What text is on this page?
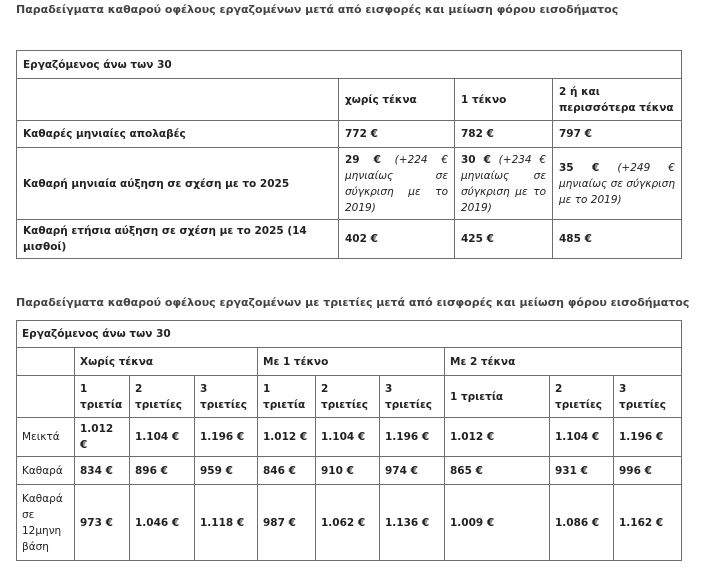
Παραδείγματα καθαρού οφέλους εργαζομένων μετά από εισφορές και μείωση φόρου εισοδήματος
Εργαζόμενος άνω των 30			
	χωρίς τέκνα	1 τέκνο	2 ή και περισσότερα τέκνα
Καθαρές μηνιαίες απολαβές	772 €	782 €	797 €
Καθαρή μηνιαία αύξηση σε σχέση με το 2025	29 € (+224 € μηνιαίως σε σύγκριση με το 2019)	30 € (+234 € μηνιαίως σε σύγκριση με το 2019)	35 € (+249 € μηνιαίως σε σύγκριση με το 2019)
Καθαρή ετήσια αύξηση σε σχέση με το 2025 (14 μισθοί)	402 €	425 €	485 €
Παραδείγματα καθαρού οφέλους εργαζομένων με τριετίες μετά από εισφορές και μείωση φόρου εισοδήματος
Εργαζόμενος άνω των 30									
	Χωρίς τέκνα			Με 1 τέκνο			Με 2 τέκνα		
	1 τριετία	2 τριετίες	3 τριετίες	1 τριετία	2 τριετίες	3 τριετίες	1 τριετία	2 τριετίες	3 τριετίες
Μεικτά	1.012 €	1.104 €	1.196 €	1.012 €	1.104 €	1.196 €	1.012 €	1.104 €	1.196 €
Καθαρά	834 €	896 €	959 €	846 €	910 €	974 €	865 €	931 €	996 €
Καθαρά σε 12μηνη βάση	973 €	1.046 €	1.118 €	987 €	1.062 €	1.136 €	1.009 €	1.086 €	1.162 €
